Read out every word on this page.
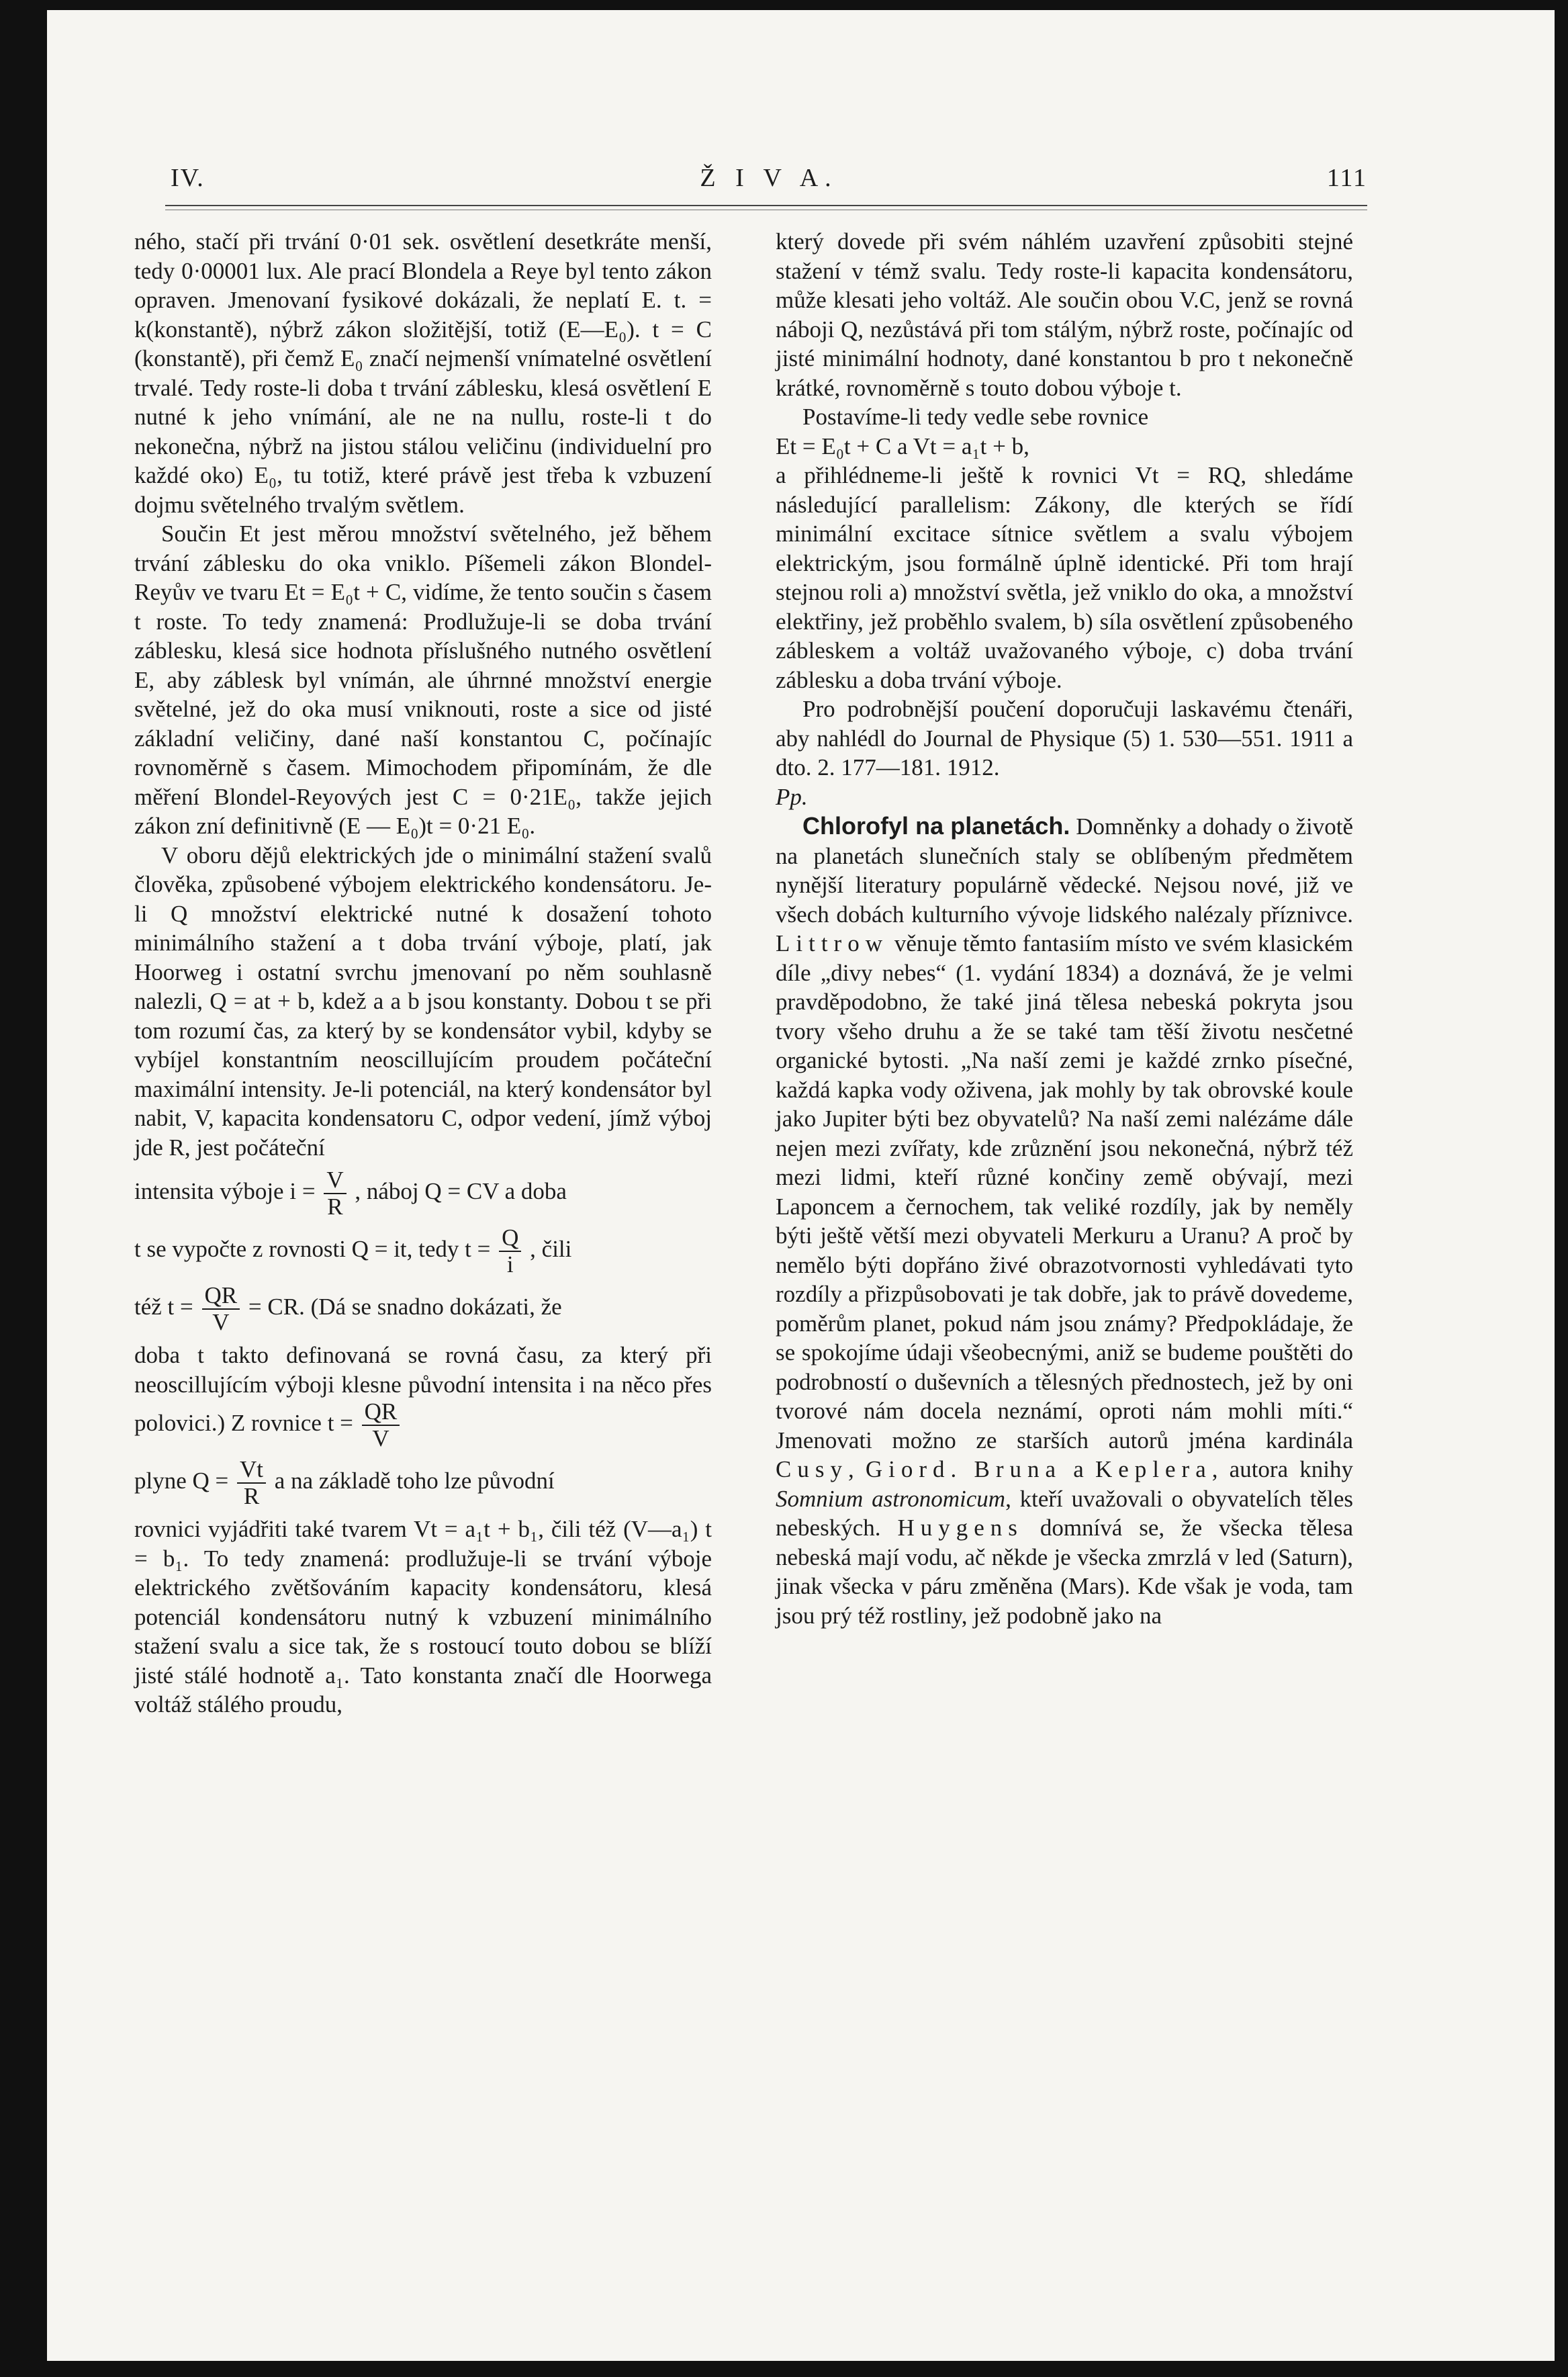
IV.	Ž I V A.	111

ného, stačí při trvání 0·01 sek. osvětlení desetkráte menší, tedy 0·00001 lux. Ale prací Blondela a Reye byl tento zákon opraven. Jmenovaní fysikové dokázali, že neplatí E. t. = k(konstantě), nýbrž zákon složitější, totiž (E—E₀). t = C (konstantě), při čemž E₀ značí nejmenší vnímatelné osvětlení trvalé. Tedy roste-li doba t trvání záblesku, klesá osvětlení E nutné k jeho vnímání, ale ne na nullu, roste-li t do nekonečna, nýbrž na jistou stálou veličinu (individuelní pro každé oko) E₀, tu totiž, které právě jest třeba k vzbuzení dojmu světelného trvalým světlem.

Součin Et jest měrou množství světelného, jež během trvání záblesku do oka vniklo. Píšemeli zákon Blondel-Reyův ve tvaru Et = E₀t + C, vidíme, že tento součin s časem t roste. To tedy znamená: Prodlužuje-li se doba trvání záblesku, klesá sice hodnota příslušného nutného osvětlení E, aby záblesk byl vnímán, ale úhrnné množství energie světelné, jež do oka musí vniknouti, roste a sice od jisté základní veličiny, dané naší konstantou C, počínajíc rovnoměrně s časem. Mimochodem připomínám, že dle měření Blondel-Reyových jest C = 0·21E₀, takže jejich zákon zní definitivně (E — E₀)t = 0·21 E₀.

V oboru dějů elektrických jde o minimální stažení svalů člověka, způsobené výbojem elektrického kondensátoru. Je-li Q množství elektrické nutné k dosažení tohoto minimálního stažení a t doba trvání výboje, platí, jak Hoorweg i ostatní svrchu jmenovaní po něm souhlasně nalezli, Q = at + b, kdež a a b jsou konstanty. Dobou t se při tom rozumí čas, za který by se kondensátor vybil, kdyby se vybíjel konstantním neoscillujícím proudem počáteční maximální intensity. Je-li potenciál, na který kondensátor byl nabit, V, kapacita kondensatoru C, odpor vedení, jímž výboj jde R, jest počáteční

intensita výboje $i = \frac{V}{R}$ , náboj Q = CV a doba
t se vypočte z rovnosti Q = it, tedy $t = \frac{Q}{i}$ , čili
též $t = \frac{QR}{V}$ = CR. (Dá se snadno dokázati, že
doba t takto definovaná se rovná času, za který při neoscillujícím výboji klesne původní intensita i na něco přes polovici.) Z rovnice $t = \frac{QR}{V}$
plyne $Q = \frac{Vt}{R}$ a na základě toho lze původní

rovnici vyjádřiti také tvarem Vt = a₁t + b₁, čili též (V—a₁) t = b₁. To tedy znamená: prodlužuje-li se trvání výboje elektrického zvětšováním kapacity kondensátoru, klesá potenciál kondensátoru nutný k vzbuzení minimálního stažení svalu a sice tak, že s rostoucí touto dobou se blíží jisté stálé hodnotě a₁. Tato konstanta značí dle Hoorwega voltáž stálého proudu,

který dovede při svém náhlém uzavření způsobiti stejné stažení v témž svalu. Tedy roste-li kapacita kondensátoru, může klesati jeho voltáž. Ale součin obou V.C, jenž se rovná náboji Q, nezůstává při tom stálým, nýbrž roste, počínajíc od jisté minimální hodnoty, dané konstantou b pro t nekonečně krátké, rovnoměrně s touto dobou výboje t.

Postavíme-li tedy vedle sebe rovnice

Et = E₀t + C a Vt = a₁t + b,

a přihlédneme-li ještě k rovnici Vt = RQ, shledáme následující parallelism: Zákony, dle kterých se řídí minimální excitace sítnice světlem a svalu výbojem elektrickým, jsou formálně úplně identické. Při tom hrají stejnou roli a) množství světla, jež vniklo do oka, a množství elektřiny, jež proběhlo svalem, b) síla osvětlení způsobeného zábleskem a voltáž uvažovaného výboje, c) doba trvání záblesku a doba trvání výboje.

Pro podrobnější poučení doporučuji laskavému čtenáři, aby nahlédl do Journal de Physique (5) 1. 530—551. 1911 a dto. 2. 177—181. 1912.

Pp.

Chlorofyl na planetách. Domněnky a dohady o životě na planetách slunečních staly se oblíbeným předmětem nynější literatury populárně vědecké. Nejsou nové, již ve všech dobách kulturního vývoje lidského nalézaly příznivce. Littrow věnuje těmto fantasiím místo ve svém klasickém díle „divy nebes“ (1. vydání 1834) a doznává, že je velmi pravděpodobno, že také jiná tělesa nebeská pokryta jsou tvory všeho druhu a že se také tam těší životu nesčetné organické bytosti. „Na naší zemi je každé zrnko písečné, každá kapka vody oživena, jak mohly by tak obrovské koule jako Jupiter býti bez obyvatelů? Na naší zemi nalézáme dále nejen mezi zvířaty, kde zrůznění jsou nekonečná, nýbrž též mezi lidmi, kteří různé končiny země obývají, mezi Laponcem a černochem, tak veliké rozdíly, jak by neměly býti ještě větší mezi obyvateli Merkuru a Uranu? A proč by nemělo býti dopřáno živé obrazotvornosti vyhledávati tyto rozdíly a přizpůsobovati je tak dobře, jak to právě dovedeme, poměrům planet, pokud nám jsou známy? Předpokládaje, že se spokojíme údaji všeobecnými, aniž se budeme pouštěti do podrobností o duševních a tělesných přednostech, jež by oni tvorové nám docela neznámí, oproti nám mohli míti.“ Jmenovati možno ze starších autorů jména kardinála Cusy, Giord. Bruna a Keplera, autora knihy Somnium astronomicum, kteří uvažovali o obyvatelích těles nebeských. Huygens domnívá se, že všecka tělesa nebeská mají vodu, ač někde je všecka zmrzlá v led (Saturn), jinak všecka v páru změněna (Mars). Kde však je voda, tam jsou prý též rostliny, jež podobně jako na
